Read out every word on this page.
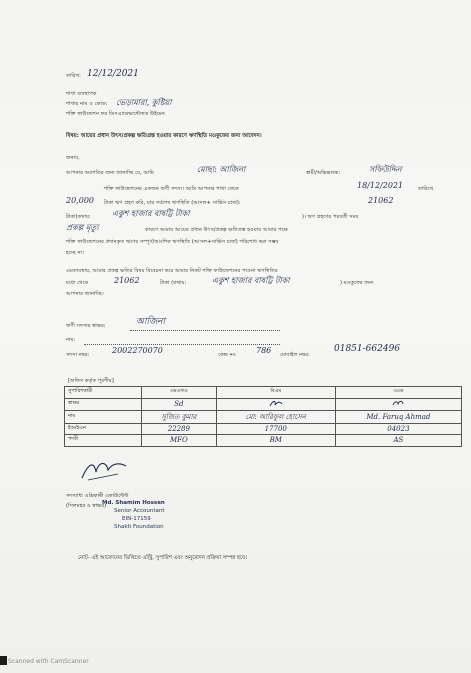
তারিখ: 12/12/2021
শাখা ব্যবস্থাপক
শাখার নাম ও কোড: ভেড়ামারা, কুষ্টিয়া
শক্তি ফাউন্ডেশন ফর ডিসএ্যাডভান্টেজড উইমেন
বিষয়: আয়ের প্রধান উৎস/প্রকল্প ক্ষতিগ্রস্ত হওয়ার কারণে ঋণস্থিতি মওকুফের জন্য আবেদন।
জনাব,
আপনার অবগতির জন্য জানাচ্ছি যে, আমি	মোছা: আজিনা	স্বামী/অভিভাবক:	সফিউদ্দিন
শক্তি ফাউন্ডেশনের একজন ঋণী সদস্য। আমি আপনার শাখা থেকে	18/12/2021	তারিখে
20,000 টাকা ঋণ গ্রহণ করি, যার সর্বশেষ ঋণস্থিতি (আসল+ সার্ভিস চার্জ):	21062
টাকা(কথায়:	একুশ হাজার বাষট্টি টাকা	)। ঋণ গ্রহণের পরবর্তী সময়
প্রকল্প মৃত্যু	কারণে আমার আয়ের প্রধান উৎস/প্রকল্প ক্ষতিগ্রস্ত হওয়ায় আমার পক্ষে
শক্তি ফাউন্ডেশনের প্রদানকৃত ঋণের সম্পূর্ণ/আংশিক ঋণস্থিতি (আসল+সার্ভিস চার্জ) পরিশোধ করা সম্ভব
হচ্ছে না।
এমতাবস্থায়, আমার প্রকল্প ক্ষতির বিষয় বিবেচনা করে আমার নিকট শক্তি ফাউন্ডেশনের পাওনা ঋণস্থিতির
মধ্যে থেকে	21062	টাকা (কথায়:	একুশ হাজার বাষট্টি টাকা	) মওকুফের জন্য
আপনার জানাচ্ছি।
ঋণী সদস্যর স্বাক্ষর:	আজিনা
নাম:
সদস্য নম্বর:	2002270070	কেন্দ্র নং: 786 মোবাইল নম্বর:
01851-662496
[অফিস কর্তৃক পূরণীয়]
সুপারিশকারী	এমএফও	বিএম	এএম
স্বাক্ষর	Sd		
নাম	সুজিত কুমার	মো: আরিফুল হোসেন	Md. Faruq Ahmad
ইআইএন	22289	17700	04023
পদবী	MFO	BM	AS
Md. Shamim Hossen
Senior Accountant
EIN-17159
Shakti Foundation
সদস্যাধ্য এক্সিকাৰী একাউন্টেন্ট
(সিলমহর ও স্বাক্ষর)
নোট- এই আবেদনের ভিত্তিতে এন্ট্রি, সুপারিশ এবং অনুমোদন প্রক্রিয়া সম্পন্ন হবে।
Scanned with CamScanner
